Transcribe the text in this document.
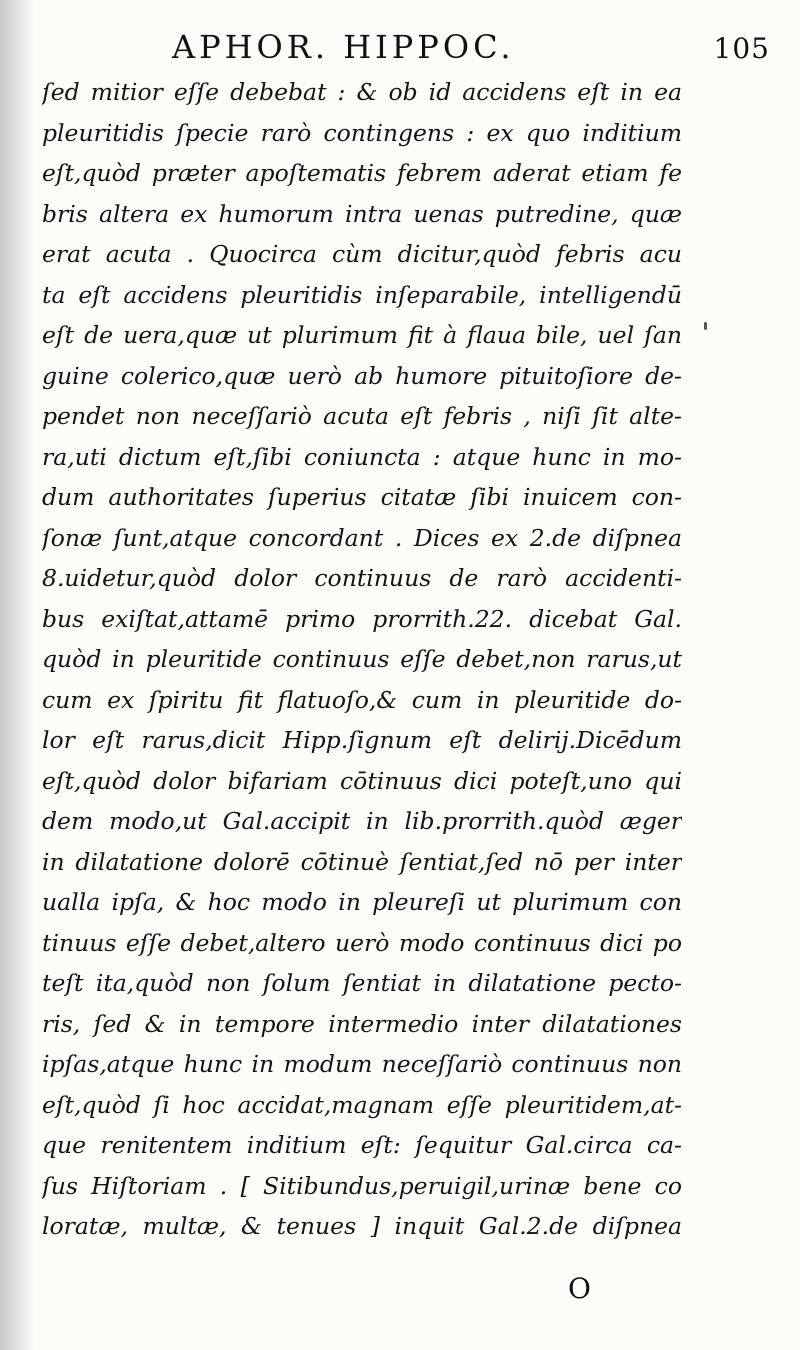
APHOR. HIPPOC.	105
ſed mitior eſſe debebat : & ob id accidens eſt in ea
pleuritidis ſpecie rarò contingens : ex quo inditium
eſt,quòd præter apoſtematis febrem aderat etiam fe
bris altera ex humorum intra uenas putredine, quæ
erat acuta . Quocirca cùm dicitur,quòd febris acu
ta eſt accidens pleuritidis inſeparabile, intelligendū
eſt de uera,quæ ut plurimum fit à flaua bile, uel ſan
guine colerico,quæ uerò ab humore pituitoſiore de-
pendet non neceſſariò acuta eſt febris , niſi ſit alte-
ra,uti dictum eſt,ſibi coniuncta : atque hunc in mo-
dum authoritates ſuperius citatæ ſibi inuicem con-
ſonæ ſunt,atque concordant . Dices ex 2.de diſpnea
8.uidetur,quòd dolor continuus de rarò accidenti-
bus exiſtat,attamē primo prorrith.22. dicebat Gal.
quòd in pleuritide continuus eſſe debet,non rarus,ut
cum ex ſpiritu fit flatuoſo,& cum in pleuritide do-
lor eſt rarus,dicit Hipp.ſignum eſt delirij.Dicēdum
eſt,quòd dolor bifariam cōtinuus dici poteſt,uno qui
dem modo,ut Gal.accipit in lib.prorrith.quòd æger
in dilatatione dolorē cōtinuè ſentiat,ſed nō per inter
ualla ipſa, & hoc modo in pleureſi ut plurimum con
tinuus eſſe debet,altero uerò modo continuus dici po
teſt ita,quòd non ſolum ſentiat in dilatatione pecto-
ris, ſed & in tempore intermedio inter dilatationes
ipſas,atque hunc in modum neceſſariò continuus non
eſt,quòd ſi hoc accidat,magnam eſſe pleuritidem,at-
que renitentem inditium eſt: ſequitur Gal.circa ca-
ſus Hiſtoriam . [ Sitibundus,peruigil,urinæ bene co
loratæ, multæ, & tenues ] inquit Gal.2.de diſpnea
O
